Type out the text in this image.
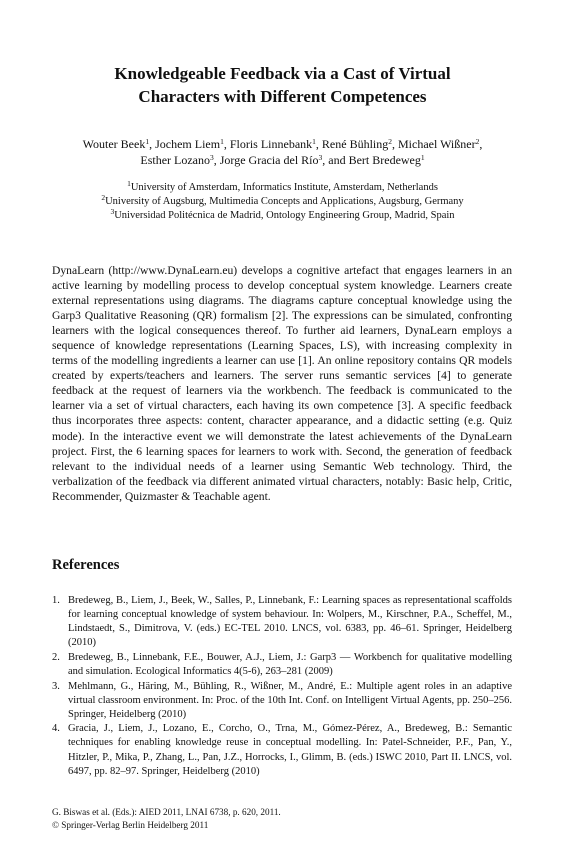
Knowledgeable Feedback via a Cast of Virtual
Characters with Different Competences
Wouter Beek$^1$, Jochem Liem$^1$, Floris Linnebank$^1$, René Bühling$^2$, Michael Wißner$^2$,
Esther Lozano$^3$, Jorge Gracia del Río$^3$, and Bert Bredeweg$^1$
$^1$University of Amsterdam, Informatics Institute, Amsterdam, Netherlands
$^2$University of Augsburg, Multimedia Concepts and Applications, Augsburg, Germany
$^3$Universidad Politécnica de Madrid, Ontology Engineering Group, Madrid, Spain
DynaLearn (http://www.DynaLearn.eu) develops a cognitive artefact that engages learners in an active learning by modelling process to develop conceptual system knowledge. Learners create external representations using diagrams. The diagrams capture conceptual knowledge using the Garp3 Qualitative Reasoning (QR) formalism [2]. The expressions can be simulated, confronting learners with the logical consequences thereof. To further aid learners, DynaLearn employs a sequence of knowledge representations (Learning Spaces, LS), with increasing complexity in terms of the modelling ingredients a learner can use [1]. An online repository contains QR models created by experts/teachers and learners. The server runs semantic services [4] to generate feedback at the request of learners via the workbench. The feedback is communicated to the learner via a set of virtual characters, each having its own competence [3]. A specific feedback thus incorporates three aspects: content, character appearance, and a didactic setting (e.g. Quiz mode). In the interactive event we will demonstrate the latest achievements of the DynaLearn project. First, the 6 learning spaces for learners to work with. Second, the generation of feedback relevant to the individual needs of a learner using Semantic Web technology. Third, the verbalization of the feedback via different animated virtual characters, notably: Basic help, Critic, Recommender, Quizmaster & Teachable agent.
References
1. Bredeweg, B., Liem, J., Beek, W., Salles, P., Linnebank, F.: Learning spaces as representational scaffolds for learning conceptual knowledge of system behaviour. In: Wolpers, M., Kirschner, P.A., Scheffel, M., Lindstaedt, S., Dimitrova, V. (eds.) EC-TEL 2010. LNCS, vol. 6383, pp. 46–61. Springer, Heidelberg (2010)
2. Bredeweg, B., Linnebank, F.E., Bouwer, A.J., Liem, J.: Garp3 — Workbench for qualitative modelling and simulation. Ecological Informatics 4(5-6), 263–281 (2009)
3. Mehlmann, G., Häring, M., Bühling, R., Wißner, M., André, E.: Multiple agent roles in an adaptive virtual classroom environment. In: Proc. of the 10th Int. Conf. on Intelligent Virtual Agents, pp. 250–256. Springer, Heidelberg (2010)
4. Gracia, J., Liem, J., Lozano, E., Corcho, O., Trna, M., Gómez-Pérez, A., Bredeweg, B.: Semantic techniques for enabling knowledge reuse in conceptual modelling. In: Patel-Schneider, P.F., Pan, Y., Hitzler, P., Mika, P., Zhang, L., Pan, J.Z., Horrocks, I., Glimm, B. (eds.) ISWC 2010, Part II. LNCS, vol. 6497, pp. 82–97. Springer, Heidelberg (2010)
G. Biswas et al. (Eds.): AIED 2011, LNAI 6738, p. 620, 2011.
© Springer-Verlag Berlin Heidelberg 2011
